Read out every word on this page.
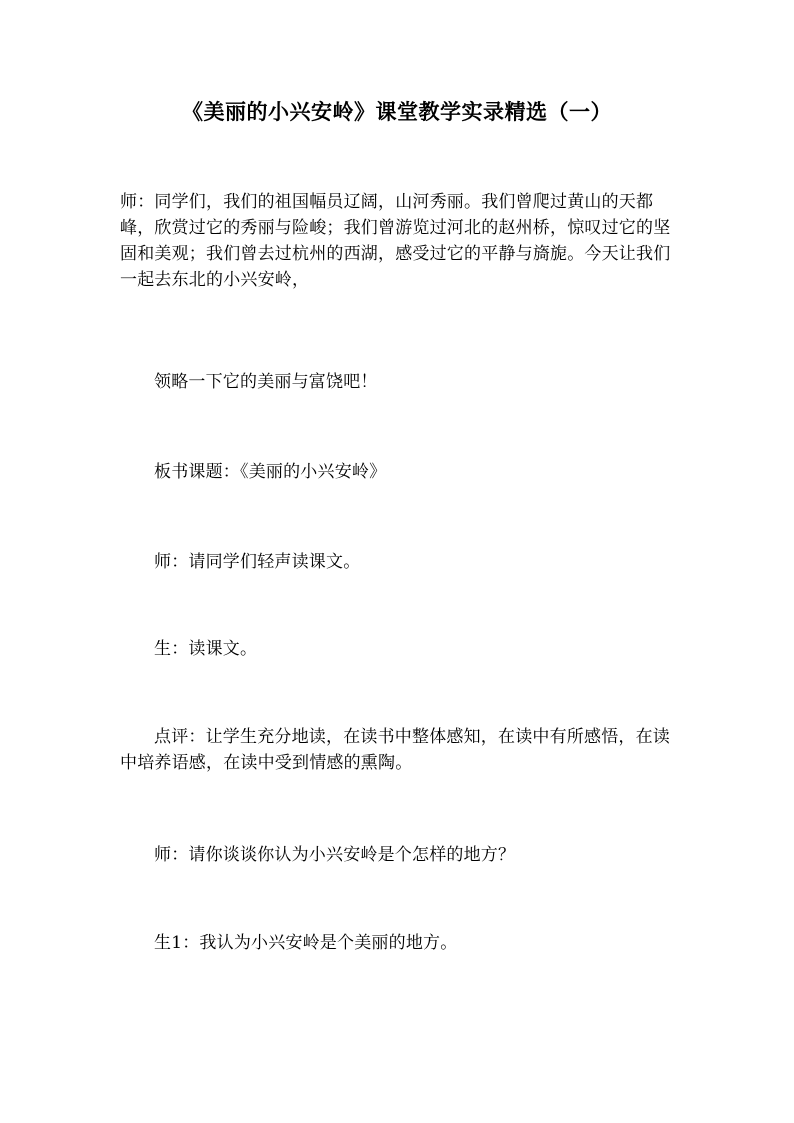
《美丽的小兴安岭》课堂教学实录精选（一）

师：同学们，我们的祖国幅员辽阔，山河秀丽。我们曾爬过黄山的天都峰，欣赏过它的秀丽与险峻；我们曾游览过河北的赵州桥，惊叹过它的坚固和美观；我们曾去过杭州的西湖，感受过它的平静与旖旎。今天让我们一起去东北的小兴安岭，

领略一下它的美丽与富饶吧！

板书课题：《美丽的小兴安岭》

师：请同学们轻声读课文。

生：读课文。

点评：让学生充分地读，在读书中整体感知，在读中有所感悟，在读中培养语感，在读中受到情感的熏陶。

师：请你谈谈你认为小兴安岭是个怎样的地方？

生1：我认为小兴安岭是个美丽的地方。
